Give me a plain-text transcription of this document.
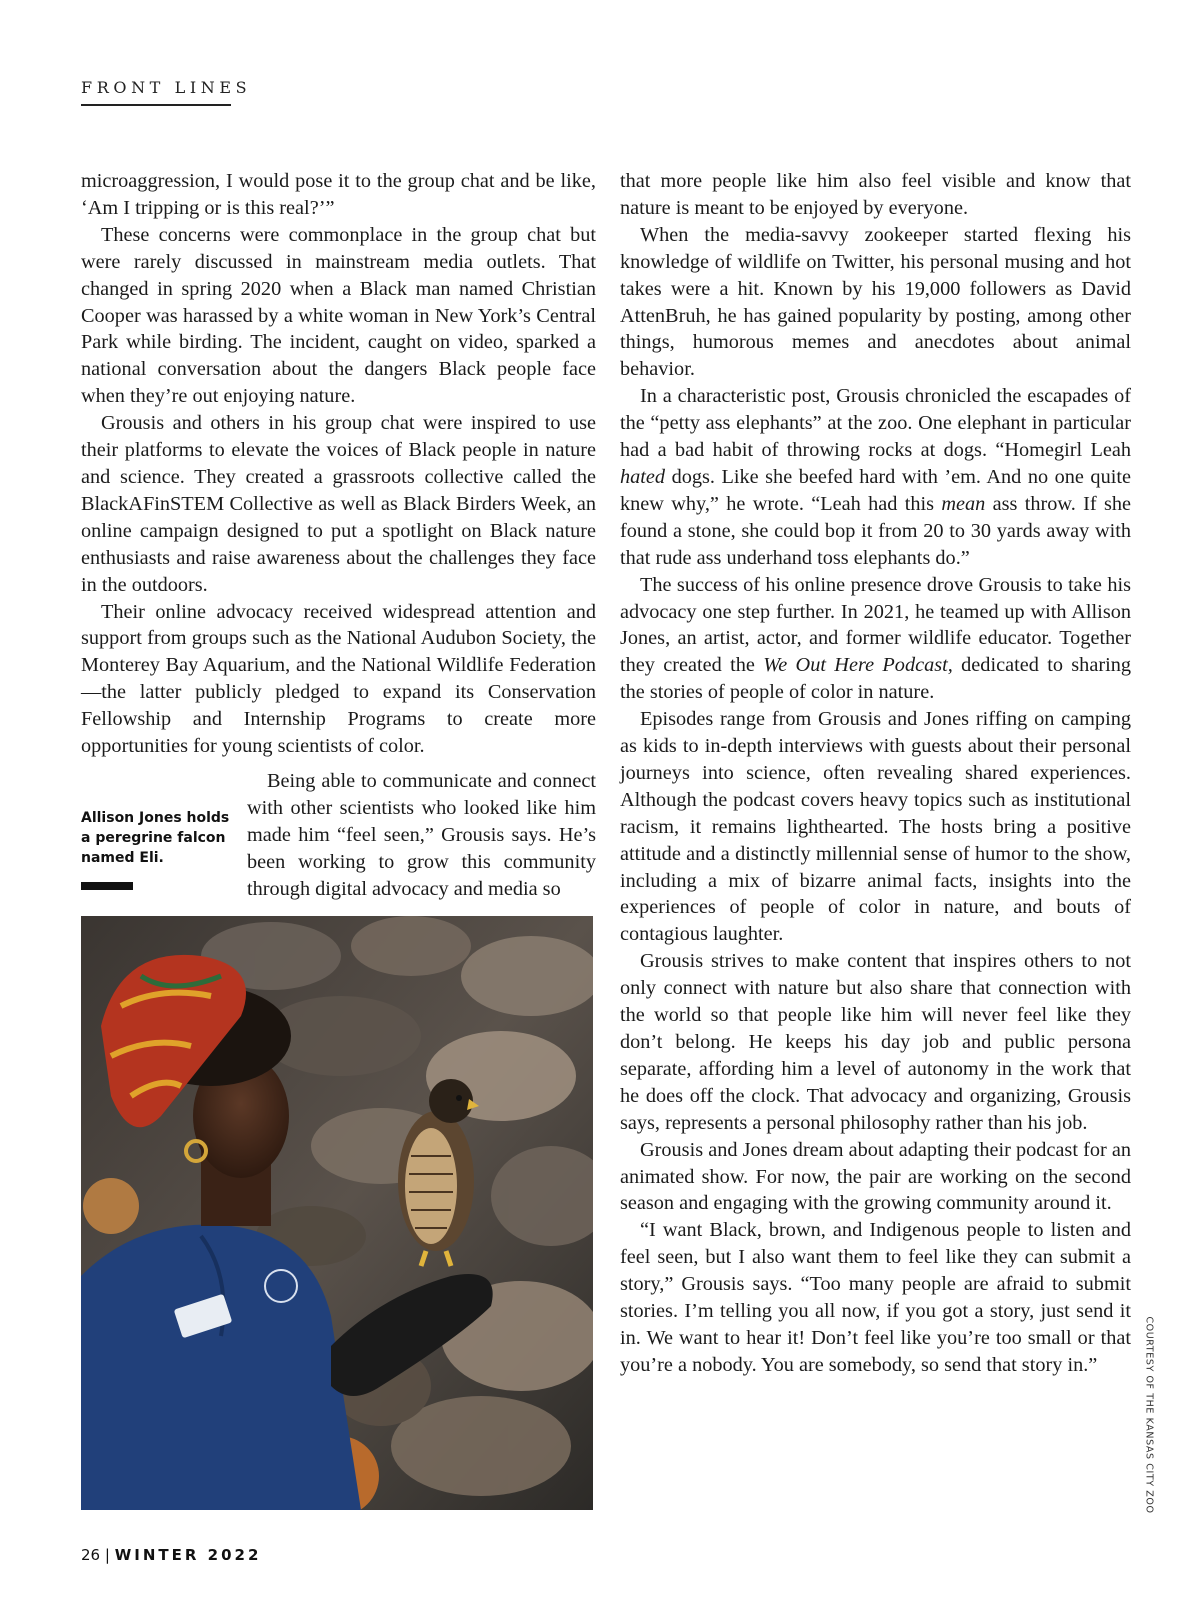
FRONT LINES

microaggression, I would pose it to the group chat and be like, ‘Am I tripping or is this real?’”

These concerns were commonplace in the group chat but were rarely discussed in mainstream media outlets. That changed in spring 2020 when a Black man named Christian Cooper was harassed by a white woman in New York’s Central Park while birding. The incident, caught on video, sparked a national conversation about the dangers Black people face when they’re out enjoying nature.

Grousis and others in his group chat were inspired to use their platforms to elevate the voices of Black people in nature and science. They created a grassroots collective called the BlackAFinSTEM Collective as well as Black Birders Week, an online campaign designed to put a spotlight on Black nature enthusiasts and raise awareness about the challenges they face in the outdoors.

Their online advocacy received widespread attention and support from groups such as the National Audubon Society, the Monterey Bay Aquarium, and the National Wildlife Federation—the latter publicly pledged to expand its Conservation Fellowship and Internship Programs to create more opportunities for young scientists of color.

Being able to communicate and connect with other scientists who looked like him made him “feel seen,” Grousis says. He’s been working to grow this community through digital advocacy and media so

Allison Jones holds a peregrine falcon named Eli.

that more people like him also feel visible and know that nature is meant to be enjoyed by everyone.

When the media-savvy zookeeper started flexing his knowledge of wildlife on Twitter, his personal musing and hot takes were a hit. Known by his 19,000 followers as David AttenBruh, he has gained popularity by posting, among other things, humorous memes and anecdotes about animal behavior.

In a characteristic post, Grousis chronicled the escapades of the “petty ass elephants” at the zoo. One elephant in particular had a bad habit of throwing rocks at dogs. “Homegirl Leah hated dogs. Like she beefed hard with ’em. And no one quite knew why,” he wrote. “Leah had this mean ass throw. If she found a stone, she could bop it from 20 to 30 yards away with that rude ass underhand toss elephants do.”

The success of his online presence drove Grousis to take his advocacy one step further. In 2021, he teamed up with Allison Jones, an artist, actor, and former wildlife educator. Together they created the We Out Here Podcast, dedicated to sharing the stories of people of color in nature.

Episodes range from Grousis and Jones riffing on camping as kids to in-depth interviews with guests about their personal journeys into science, often revealing shared experiences. Although the podcast covers heavy topics such as institutional racism, it remains lighthearted. The hosts bring a positive attitude and a distinctly millennial sense of humor to the show, including a mix of bizarre animal facts, insights into the experiences of people of color in nature, and bouts of contagious laughter.

Grousis strives to make content that inspires others to not only connect with nature but also share that connection with the world so that people like him will never feel like they don’t belong. He keeps his day job and public persona separate, affording him a level of autonomy in the work that he does off the clock. That advocacy and organizing, Grousis says, represents a personal philosophy rather than his job.

Grousis and Jones dream about adapting their podcast for an animated show. For now, the pair are working on the second season and engaging with the growing community around it.

“I want Black, brown, and Indigenous people to listen and feel seen, but I also want them to feel like they can submit a story,” Grousis says. “Too many people are afraid to submit stories. I’m telling you all now, if you got a story, just send it in. We want to hear it! Don’t feel like you’re too small or that you’re a nobody. You are somebody, so send that story in.”	COURTESY OF THE KANSAS CITY ZOO
26 | WINTER 2022
